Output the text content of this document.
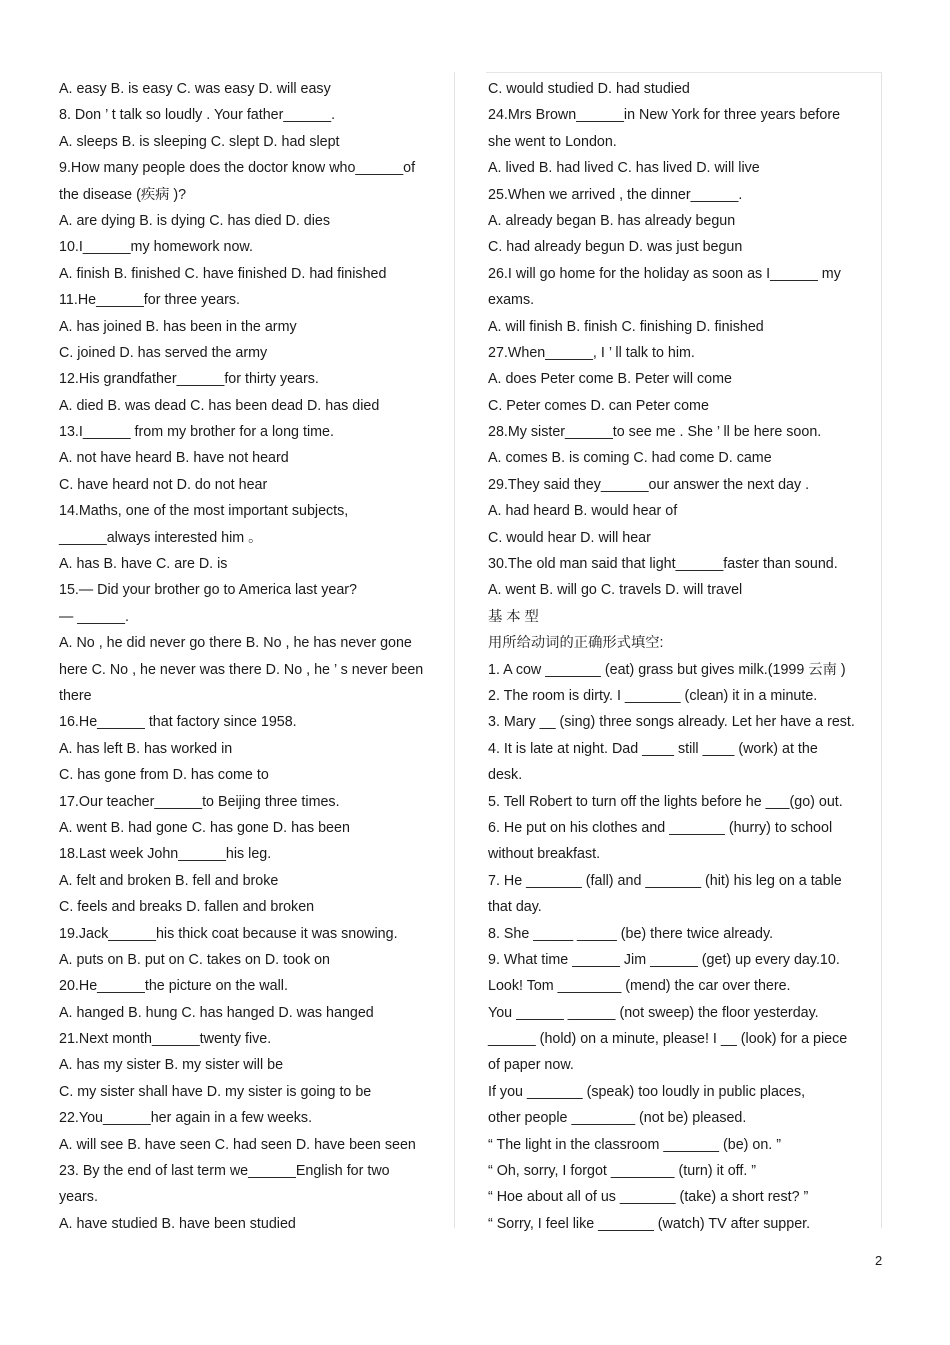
A. easy B. is easy C. was easy D. will easy
8. Don ’ t talk so loudly . Your father______.
A. sleeps B. is sleeping C. slept D. had slept
9.How many people does the doctor know who______of
the disease (疾病 )?
A. are dying B. is dying C. has died D. dies
10.I______my homework now.
A. finish B. finished C. have finished D. had finished
11.He______for three years.
A. has joined B. has been in the army
C. joined D. has served the army
12.His grandfather______for thirty years.
A. died B. was dead C. has been dead D. has died
13.I______ from my brother for a long time.
A. not have heard B. have not heard
C. have heard not D. do not hear
14.Maths, one of the most important subjects,
______always interested him 。
A. has B. have C. are D. is
15.— Did your brother go to America last year?
— ______.
A. No , he did never go there B. No , he has never gone
here C. No , he never was there D. No , he ’ s never been
there
16.He______ that factory since 1958.
A. has left B. has worked in
C. has gone from D. has come to
17.Our teacher______to Beijing three times.
A. went B. had gone C. has gone D. has been
18.Last week John______his leg.
A. felt and broken B. fell and broke
C. feels and breaks D. fallen and broken
19.Jack______his thick coat because it was snowing.
A. puts on B. put on C. takes on D. took on
20.He______the picture on the wall.
A. hanged B. hung C. has hanged D. was hanged
21.Next month______twenty five.
A. has my sister B. my sister will be
C. my sister shall have D. my sister is going to be
22.You______her again in a few weeks.
A. will see B. have seen C. had seen D. have been seen
23. By the end of last term we______English for two
years.
A. have studied B. have been studied
C. would studied D. had studied
24.Mrs Brown______in New York for three years before
she went to London.
A. lived B. had lived C. has lived D. will live
25.When we arrived , the dinner______.
A. already began B. has already begun
C. had already begun D. was just begun
26.I will go home for the holiday as soon as I______ my
exams.
A. will finish B. finish C. finishing D. finished
27.When______, I ’ ll talk to him.
A. does Peter come B. Peter will come
C. Peter comes D. can Peter come
28.My sister______to see me . She ’ ll be here soon.
A. comes B. is coming C. had come D. came
29.They said they______our answer the next day .
A. had heard B. would hear of
C. would hear D. will hear
30.The old man said that light______faster than sound.
A. went B. will go C. travels D. will travel
基 本 型
用所给动词的正确形式填空:
1. A cow _______ (eat) grass but gives milk.(1999 云南 )
2. The room is dirty. I _______ (clean) it in a minute.
3. Mary __ (sing) three songs already. Let her have a rest.
4. It is late at night. Dad ____ still ____ (work) at the
desk.
5. Tell Robert to turn off the lights before he ___(go) out.
6. He put on his clothes and _______ (hurry) to school
without breakfast.
7. He _______ (fall) and _______ (hit) his leg on a table
that day.
8. She _____ _____ (be) there twice already.
9. What time ______ Jim ______ (get) up every day.10.
Look! Tom ________ (mend) the car over there.
You ______ ______ (not sweep) the floor yesterday.
______ (hold) on a minute, please! I __ (look) for a piece
of paper now.
If you _______ (speak) too loudly in public places,
other people ________ (not be) pleased.
“ The light in the classroom _______ (be) on. ”
“ Oh, sorry, I forgot ________ (turn) it off. ”
“ Hoe about all of us _______ (take) a short rest? ”
“ Sorry, I feel like _______ (watch) TV after supper.
2
